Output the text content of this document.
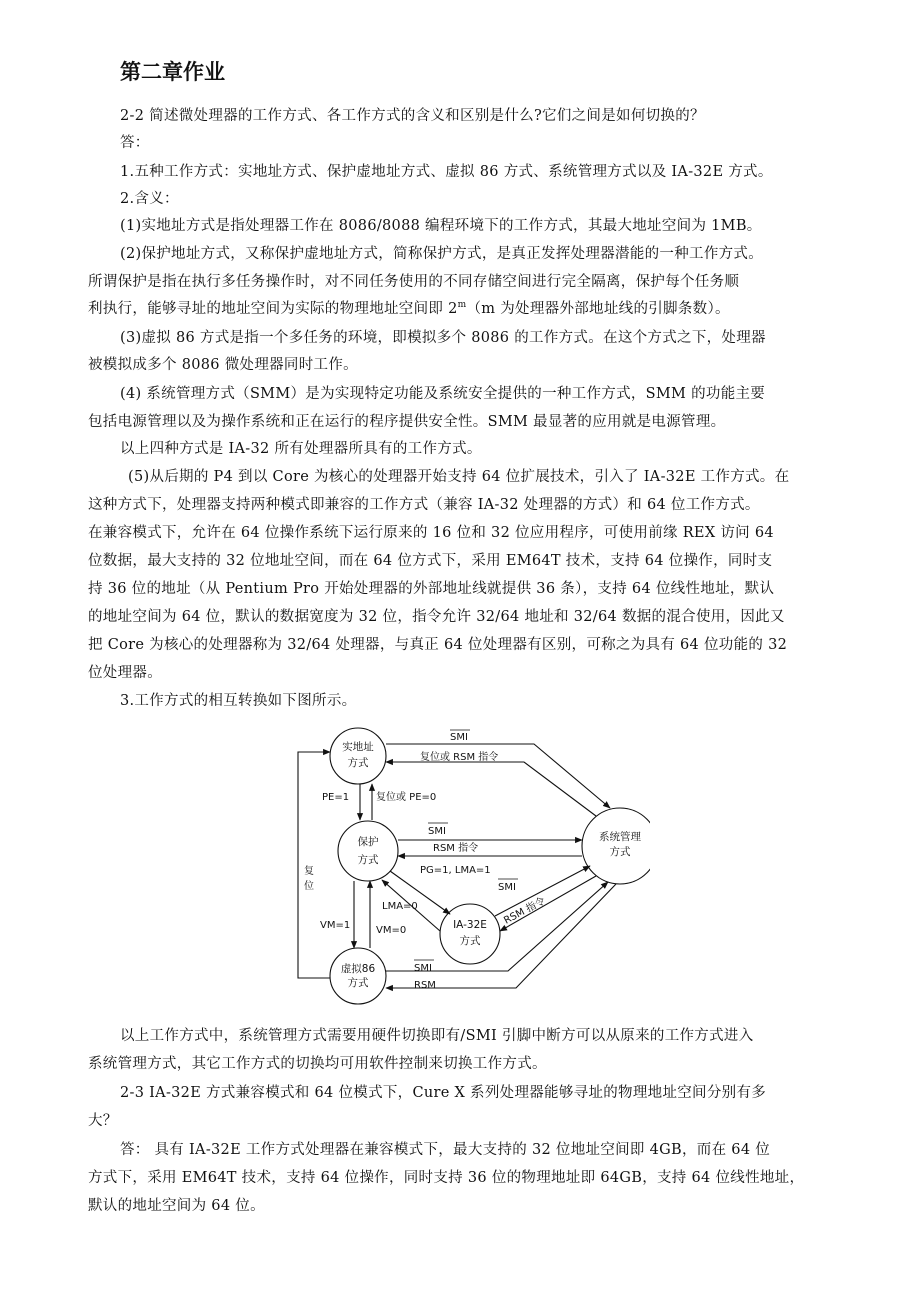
第二章作业
2-2 简述微处理器的工作方式、各工作方式的含义和区别是什么?它们之间是如何切换的？
答：
1.五种工作方式：实地址方式、保护虚地址方式、虚拟 86 方式、系统管理方式以及 IA-32E 方式。
2.含义：
(1)实地址方式是指处理器工作在 8086/8088 编程环境下的工作方式，其最大地址空间为 1MB。
(2)保护地址方式，又称保护虚地址方式，简称保护方式，是真正发挥处理器潜能的一种工作方式。
所谓保护是指在执行多任务操作时，对不同任务使用的不同存储空间进行完全隔离，保护每个任务顺
利执行，能够寻址的地址空间为实际的物理地址空间即 2$^m$（m 为处理器外部地址线的引脚条数）。
(3)虚拟 86 方式是指一个多任务的环境，即模拟多个 8086 的工作方式。在这个方式之下，处理器
被模拟成多个 8086 微处理器同时工作。
(4) 系统管理方式（SMM）是为实现特定功能及系统安全提供的一种工作方式，SMM 的功能主要
包括电源管理以及为操作系统和正在运行的程序提供安全性。SMM 最显著的应用就是电源管理。
以上四种方式是 IA-32 所有处理器所具有的工作方式。
(5)从后期的 P4 到以 Core 为核心的处理器开始支持 64 位扩展技术，引入了 IA-32E 工作方式。在
这种方式下，处理器支持两种模式即兼容的工作方式（兼容 IA-32 处理器的方式）和 64 位工作方式。
在兼容模式下，允许在 64 位操作系统下运行原来的 16 位和 32 位应用程序，可使用前缘 REX 访问 64
位数据，最大支持的 32 位地址空间，而在 64 位方式下，采用 EM64T 技术，支持 64 位操作，同时支
持 36 位的地址（从 Pentium Pro 开始处理器的外部地址线就提供 36 条），支持 64 位线性地址，默认
的地址空间为 64 位，默认的数据宽度为 32 位，指令允许 32/64 地址和 32/64 数据的混合使用，因此又
把 Core 为核心的处理器称为 32/64 处理器，与真正 64 位处理器有区别，可称之为具有 64 位功能的 32
位处理器。
3.工作方式的相互转换如下图所示。
实地址
方式
保护
方式
系统管理
方式
IA-32E
方式
虚拟86
方式
SMI
复位或 RSM 指令
PE=1	复位或 PE=0
SMI
RSM 指令
PG=1, LMA=1
SMI
RSM 指令
LMA=0
复
位
VM=1	VM=0
SMI
RSM
以上工作方式中，系统管理方式需要用硬件切换即有/SMI 引脚中断方可以从原来的工作方式进入
系统管理方式，其它工作方式的切换均可用软件控制来切换工作方式。
2-3 IA-32E 方式兼容模式和 64 位模式下，Cure X 系列处理器能够寻址的物理地址空间分别有多
大？
答： 具有 IA-32E 工作方式处理器在兼容模式下，最大支持的 32 位地址空间即 4GB，而在 64 位
方式下，采用 EM64T 技术，支持 64 位操作，同时支持 36 位的物理地址即 64GB，支持 64 位线性地址，
默认的地址空间为 64 位。
